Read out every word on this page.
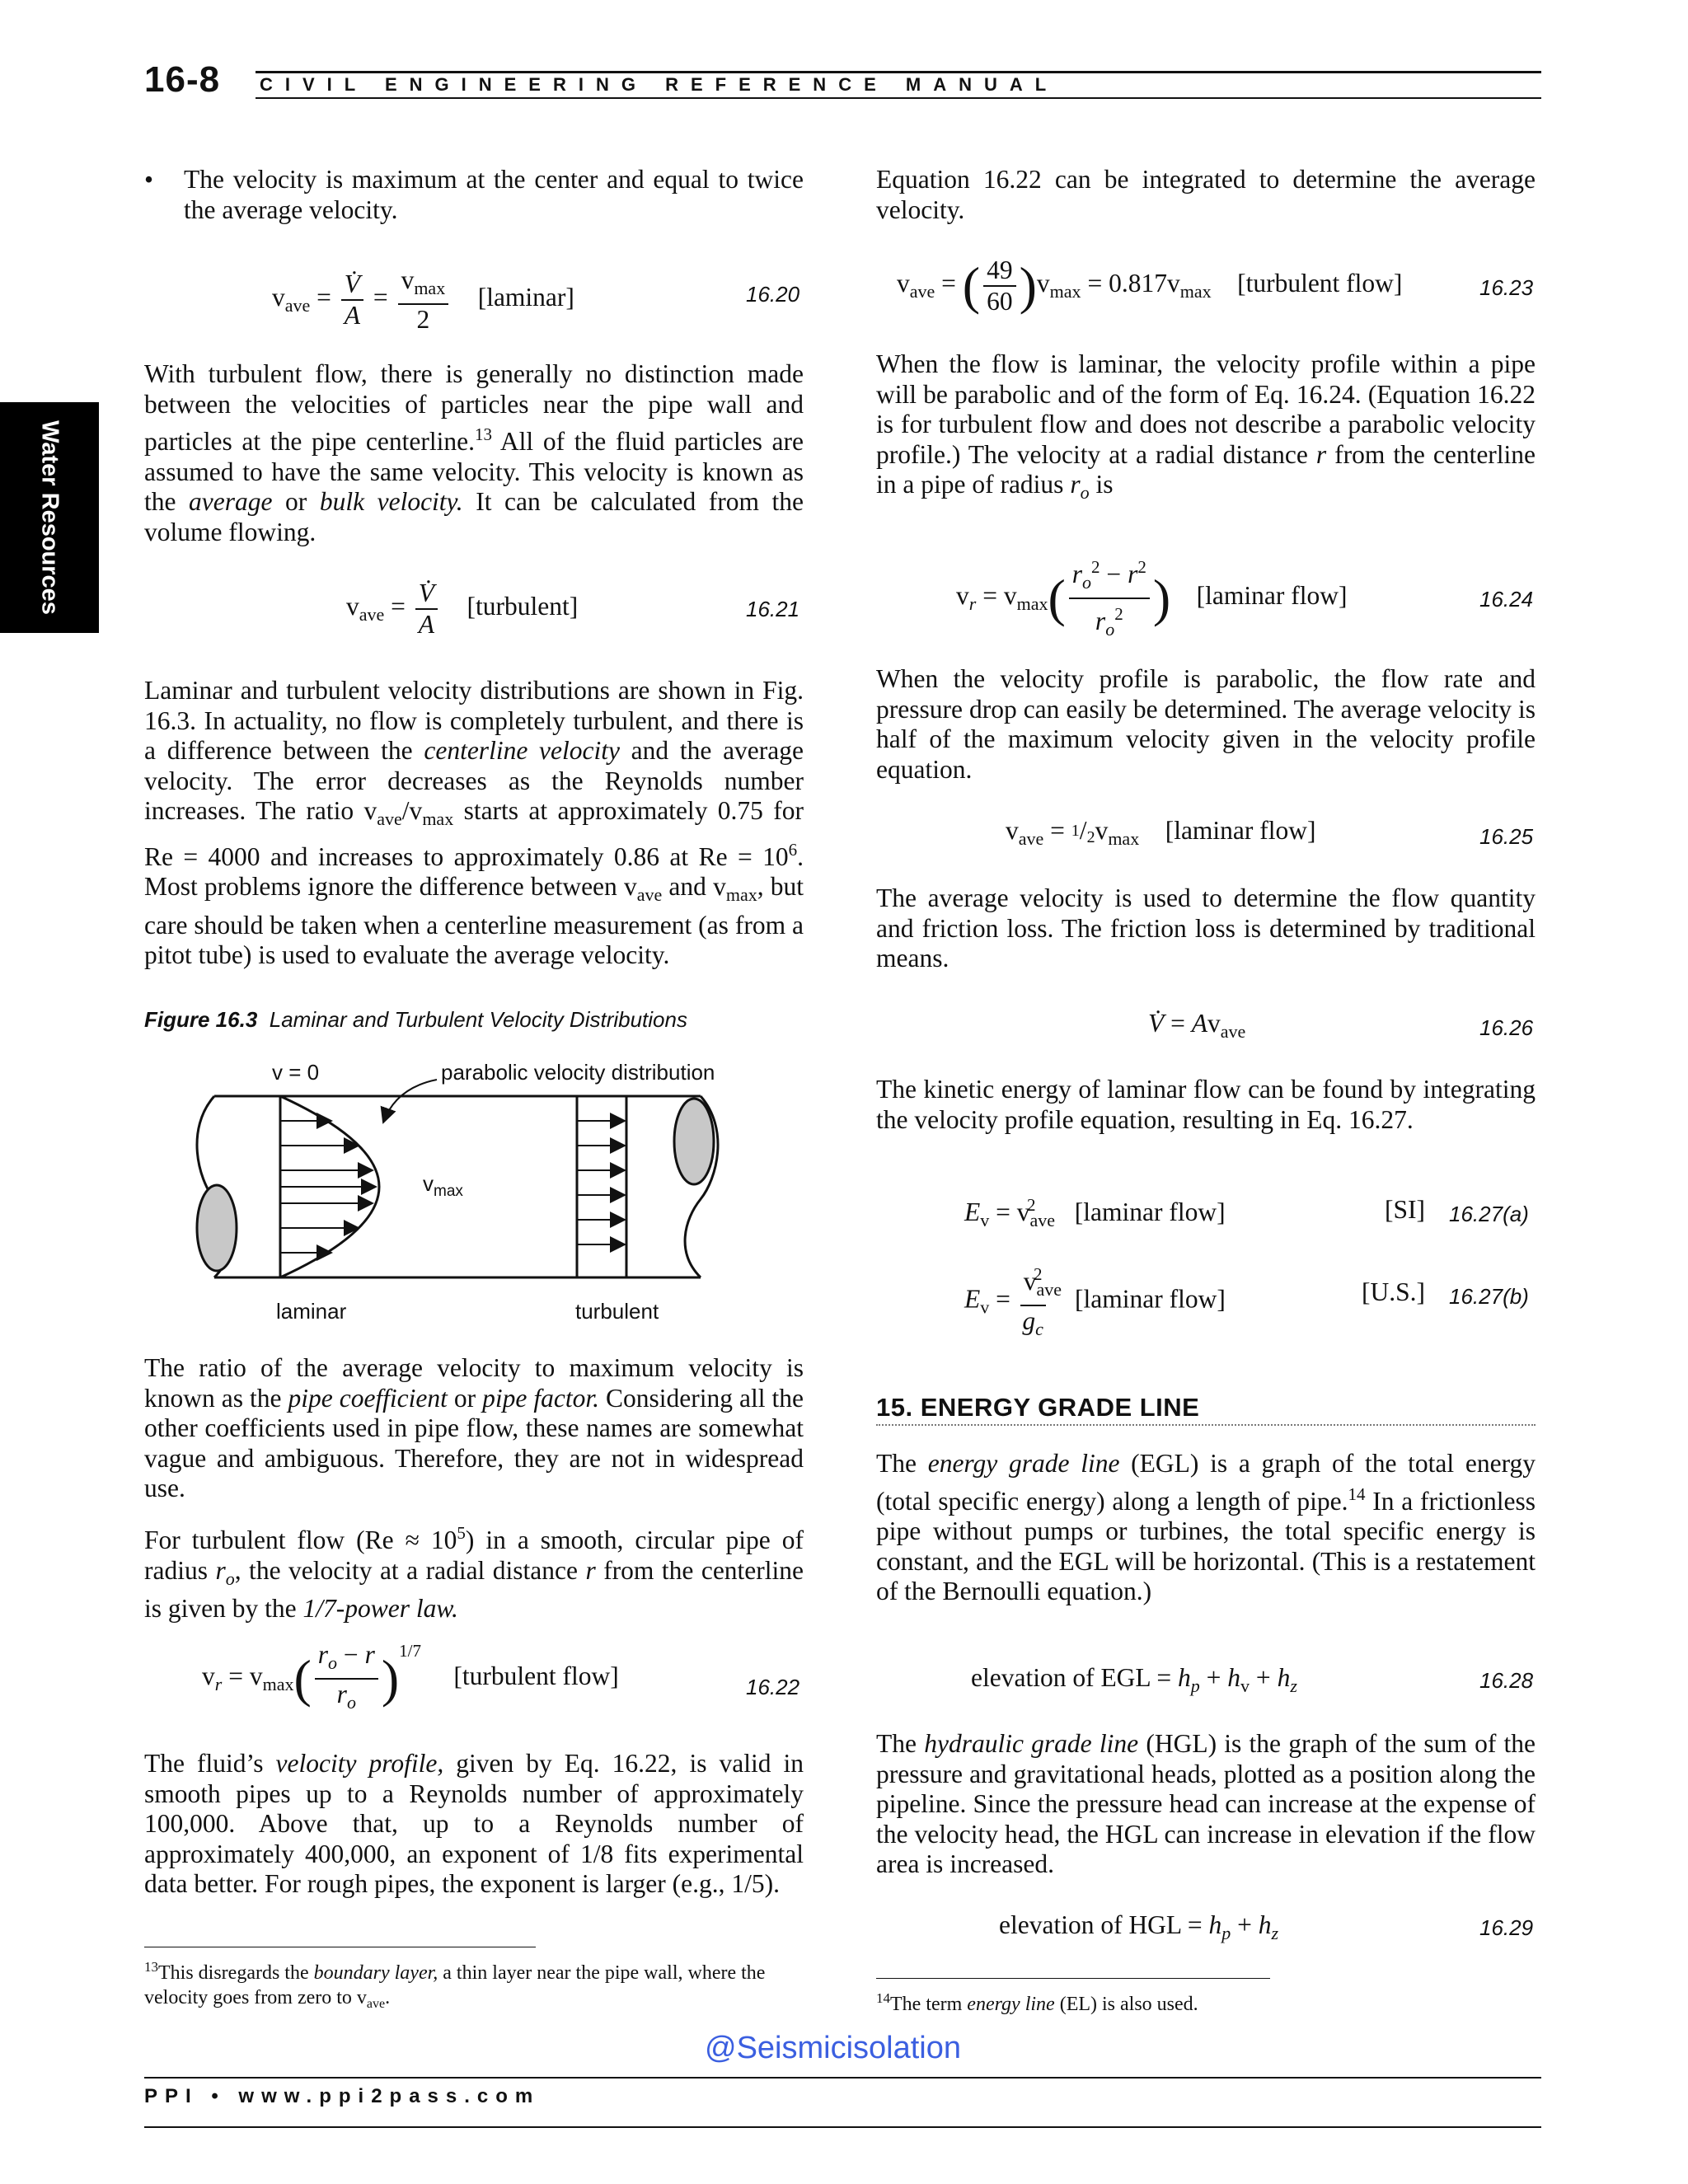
16-8 CIVIL ENGINEERING REFERENCE MANUAL
Water Resources
• The velocity is maximum at the center and equal to twice the average velocity.
$v_{ave} = \frac{V̇}{A} = \frac{v_{max}}{2}$ [laminar]	16.20
With turbulent flow, there is generally no distinction made between the velocities of particles near the pipe wall and particles at the pipe centerline.$^{13}$ All of the fluid particles are assumed to have the same velocity. This velocity is known as the average or bulk velocity. It can be calculated from the volume flowing.
$v_{ave} = \frac{V̇}{A}$ [turbulent]	16.21
Laminar and turbulent velocity distributions are shown in Fig. 16.3. In actuality, no flow is completely turbulent, and there is a difference between the centerline velocity and the average velocity. The error decreases as the Reynolds number increases. The ratio $v_{ave}/v_{max}$ starts at approximately 0.75 for Re = 4000 and increases to approximately 0.86 at $Re = 10^6$. Most problems ignore the difference between $v_{ave}$ and $v_{max}$, but care should be taken when a centerline measurement (as from a pitot tube) is used to evaluate the average velocity.
Figure 16.3 Laminar and Turbulent Velocity Distributions
v = 0	parabolic velocity distribution
$v_{max}$
laminar	turbulent
The ratio of the average velocity to maximum velocity is known as the pipe coefficient or pipe factor. Considering all the other coefficients used in pipe flow, these names are somewhat vague and ambiguous. Therefore, they are not in widespread use.
For turbulent flow $(Re \approx 10^5)$ in a smooth, circular pipe of radius $r_o$, the velocity at a radial distance r from the centerline is given by the 1/7-power law.
$v_r = v_{max}( \frac{r_o - r}{r_o} )^{1/7}$     [turbulent flow]	16.22
The fluid’s velocity profile, given by Eq. 16.22, is valid in smooth pipes up to a Reynolds number of approximately 100,000. Above that, up to a Reynolds number of approximately 400,000, an exponent of 1/8 fits experimental data better. For rough pipes, the exponent is larger (e.g., 1/5).
$^{13}$This disregards the boundary layer, a thin layer near the pipe wall, where the velocity goes from zero to $v_{ave}$.
Equation 16.22 can be integrated to determine the average velocity.
$v_{ave}$ = ( $\frac{49}{60} )v_{max} = 0.817v_{max}$ [turbulent flow]	16.23
When the flow is laminar, the velocity profile within a pipe will be parabolic and of the form of Eq. 16.24. (Equation 16.22 is for turbulent flow and does not describe a parabolic velocity profile.) The velocity at a radial distance r from the centerline in a pipe of radius $r_o$ is
$v_r = v_{max}( \frac{r_o^2 - r^2}{r_o^2}$ ) [laminar flow]	16.24
When the velocity profile is parabolic, the flow rate and pressure drop can easily be determined. The average velocity is half of the maximum velocity given in the velocity profile equation.
$v_{ave} = 1/2v_{max}$ [laminar flow]	16.25
The average velocity is used to determine the flow quantity and friction loss. The friction loss is determined by traditional means.
V̇ = $Av_{ave}$	16.26
The kinetic energy of laminar flow can be found by integrating the velocity profile equation, resulting in Eq. 16.27.
$E_v = v_{ave}^2$ [laminar flow]	[SI] 16.27(a)
$E_v = \frac{v_{ave}^2}{g_c}$ [laminar flow]	[U.S.] 16.27(b)
15. ENERGY GRADE LINE
The energy grade line (EGL) is a graph of the total energy (total specific energy) along a length of pipe.$^{14}$ In a frictionless pipe without pumps or turbines, the total specific energy is constant, and the EGL will be horizontal. (This is a restatement of the Bernoulli equation.)
elevation of EGL = $h_p + h_v + h_z$	16.28
The hydraulic grade line (HGL) is the graph of the sum of the pressure and gravitational heads, plotted as a position along the pipeline. Since the pressure head can increase at the expense of the velocity head, the HGL can increase in elevation if the flow area is increased.
elevation of HGL = $h_p + h_z$	16.29
$^{14}$The term energy line (EL) is also used.
@Seismicisolation
PPI • www.ppi2pass.com
